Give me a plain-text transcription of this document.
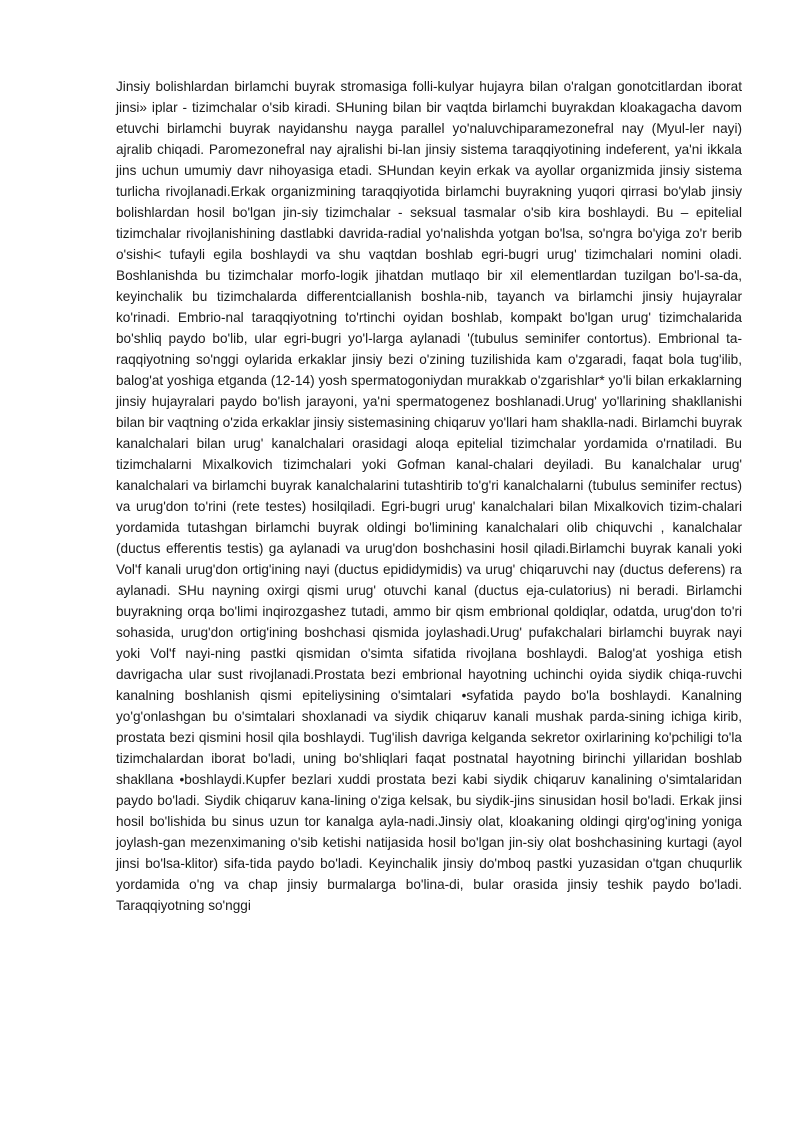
Jinsiy bolishlardan birlamchi buyrak stromasiga folli-kulyar hujayra bilan o'ralgan gonotcitlardan iborat jinsi» iplar - tizimchalar o'sib kiradi. SHuning bilan bir vaqtda birlamchi buyrakdan kloakagacha davom etuvchi birlamchi buyrak nayidanshu nayga parallel yo'naluvchiparamezonefral nay (Myul-ler nayi) ajralib chiqadi. Paromezonefral nay ajralishi bi-lan jinsiy sistema taraqqiyotining indeferent, ya'ni ikkala jins uchun umumiy davr nihoyasiga etadi. SHundan keyin erkak va ayollar organizmida jinsiy sistema turlicha rivojlanadi.Erkak organizmining taraqqiyotida birlamchi buyrakning yuqori qirrasi bo'ylab jinsiy bolishlardan hosil bo'lgan jin-siy tizimchalar - seksual tasmalar o'sib kira boshlaydi. Bu – epitelial tizimchalar rivojlanishining dastlabki davrida-radial yo'nalishda yotgan bo'lsa, so'ngra bo'yiga zo'r berib o'sishi< tufayli egila boshlaydi va shu vaqtdan boshlab egri-bugri urug' tizimchalari nomini oladi. Boshlanishda bu tizimchalar morfo-logik jihatdan mutlaqo bir xil elementlardan tuzilgan bo'l-sa-da, keyinchalik bu tizimchalarda differentciallanish boshla-nib, tayanch va birlamchi jinsiy hujayralar ko'rinadi. Embrio-nal taraqqiyotning to'rtinchi oyidan boshlab, kompakt bo'lgan urug' tizimchalarida bo'shliq paydo bo'lib, ular egri-bugri yo'l-larga aylanadi '(tubulus seminifer contortus). Embrional ta-raqqiyotning so'nggi oylarida erkaklar jinsiy bezi o'zining tuzilishida kam o'zgaradi, faqat bola tug'ilib, balog'at yoshiga etganda (12-14) yosh spermatogoniydan murakkab o'zgarishlar* yo'li bilan erkaklarning jinsiy hujayralari paydo bo'lish jarayoni, ya'ni spermatogenez boshlanadi.Urug' yo'llarining shakllanishi bilan bir vaqtning o'zida erkaklar jinsiy sistemasining chiqaruv yo'llari ham shaklla-nadi. Birlamchi buyrak kanalchalari bilan urug' kanalchalari orasidagi aloqa epitelial tizimchalar yordamida o'rnatiladi. Bu tizimchalarni Mixalkovich tizimchalari yoki Gofman kanal-chalari deyiladi. Bu kanalchalar urug' kanalchalari va birlamchi buyrak kanalchalarini tutashtirib to'g'ri kanalchalarni (tubulus seminifer rectus) va urug'don to'rini (rete testes) hosilqiladi. Egri-bugri urug' kanalchalari bilan Mixalkovich tizim-chalari yordamida tutashgan birlamchi buyrak oldingi bo'limining kanalchalari olib chiquvchi , kanalchalar (ductus efferentis testis) ga aylanadi va urug'don boshchasini hosil qiladi.Birlamchi buyrak kanali yoki Vol'f kanali urug'don ortig'ining nayi (ductus epididymidis) va urug' chiqaruvchi nay (ductus deferens) ra aylanadi. SHu nayning oxirgi qismi urug' otuvchi kanal (ductus eja-culatorius) ni beradi. Birlamchi buyrakning orqa bo'limi inqirozgashez tutadi, ammo bir qism embrional qoldiqlar, odatda, urug'don to'ri sohasida, urug'don ortig'ining boshchasi qismida joylashadi.Urug' pufakchalari birlamchi buyrak nayi yoki Vol'f nayi-ning pastki qismidan o'simta sifatida rivojlana boshlaydi. Balog'at yoshiga etish davrigacha ular sust rivojlanadi.Prostata bezi embrional hayotning uchinchi oyida siydik chiqa-ruvchi kanalning boshlanish qismi epiteliysining o'simtalari •syfatida paydo bo'la boshlaydi. Kanalning yo'g'onlashgan bu o'simtalari shoxlanadi va siydik chiqaruv kanali mushak parda-sining ichiga kirib, prostata bezi qismini hosil qila boshlaydi. Tug'ilish davriga kelganda sekretor oxirlarining ko'pchiligi to'la tizimchalardan iborat bo'ladi, uning bo'shliqlari faqat postnatal hayotning birinchi yillaridan boshlab shakllana •boshlaydi.Kupfer bezlari xuddi prostata bezi kabi siydik chiqaruv kanalining o'simtalaridan paydo bo'ladi. Siydik chiqaruv kana-lining o'ziga kelsak, bu siydik-jins sinusidan hosil bo'ladi. Erkak jinsi hosil bo'lishida bu sinus uzun tor kanalga ayla-nadi.Jinsiy olat, kloakaning oldingi qirg'og'ining yoniga joylash-gan mezenximaning o'sib ketishi natijasida hosil bo'lgan jin-siy olat boshchasining kurtagi (ayol jinsi bo'lsa-klitor) sifa-tida paydo bo'ladi. Keyinchalik jinsiy do'mboq pastki yuzasidan o'tgan chuqurlik yordamida o'ng va chap jinsiy burmalarga bo'lina-di, bular orasida jinsiy teshik paydo bo'ladi. Taraqqiyotning so'nggi
